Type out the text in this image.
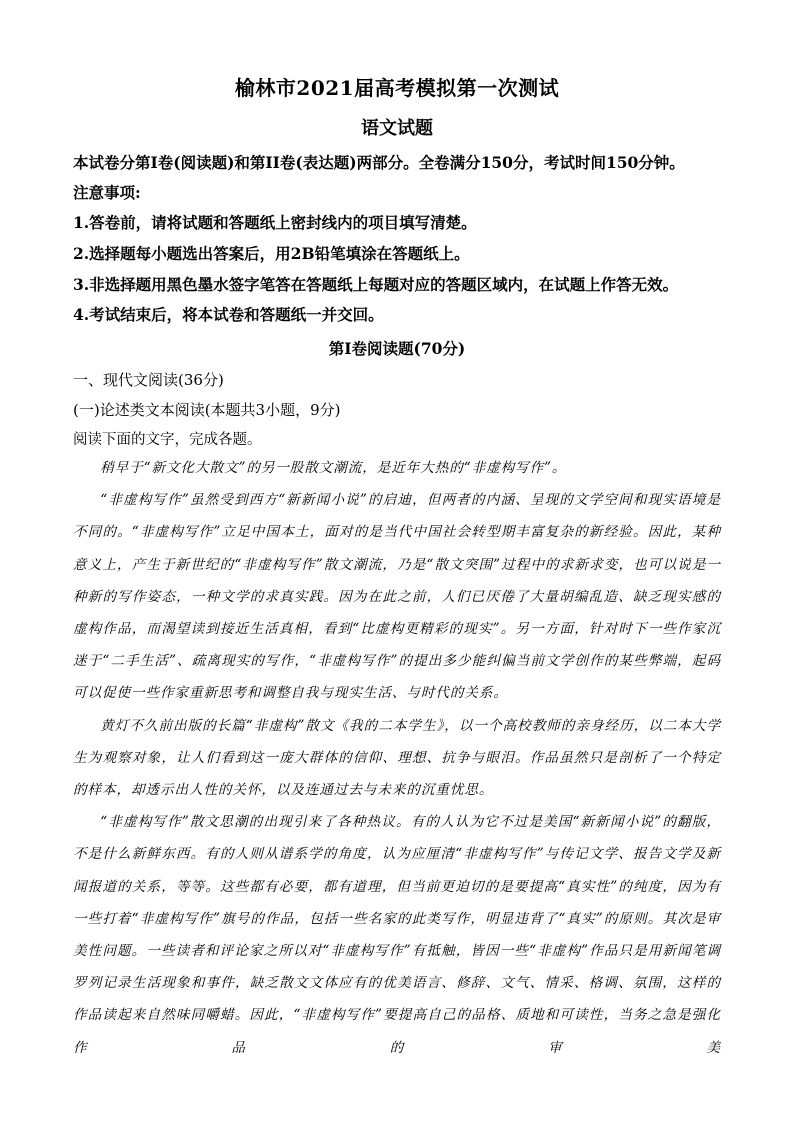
榆林市2021届高考模拟第一次测试
语文试题
本试卷分第I卷(阅读题)和第II卷(表达题)两部分。全卷满分150分，考试时间150分钟。
注意事项:
1.答卷前，请将试题和答题纸上密封线内的项目填写清楚。
2.选择题每小题选出答案后，用2B铅笔填涂在答题纸上。
3.非选择题用黑色墨水签字笔答在答题纸上每题对应的答题区域内，在试题上作答无效。
4.考试结束后，将本试卷和答题纸一并交回。
第I卷阅读题(70分)
一、现代文阅读(36分)
(一)论述类文本阅读(本题共3小题，9分)
阅读下面的文字，完成各题。

稍早于“新文化大散文”的另一股散文潮流，是近年大热的“非虚构写作”。

“非虚构写作”虽然受到西方“新新闻小说”的启迪，但两者的内涵、呈现的文学空间和现实语境是不同的。“非虚构写作”立足中国本土，面对的是当代中国社会转型期丰富复杂的新经验。因此，某种意义上，产生于新世纪的“非虚构写作”散文潮流，乃是“散文突围”过程中的求新求变，也可以说是一种新的写作姿态，一种文学的求真实践。因为在此之前，人们已厌倦了大量胡编乱造、缺乏现实感的虚构作品，而渴望读到接近生活真相，看到“比虚构更精彩的现实”。另一方面，针对时下一些作家沉迷于“二手生活”、疏离现实的写作，“非虚构写作”的提出多少能纠偏当前文学创作的某些弊端，起码可以促使一些作家重新思考和调整自我与现实生活、与时代的关系。

黄灯不久前出版的长篇“非虚构”散文《我的二本学生》，以一个高校教师的亲身经历，以二本大学生为观察对象，让人们看到这一庞大群体的信仰、理想、抗争与眼泪。作品虽然只是剖析了一个特定的样本，却透示出人性的关怀，以及连通过去与未来的沉重忧思。

“非虚构写作”散文思潮的出现引来了各种热议。有的人认为它不过是美国“新新闻小说”的翻版，不是什么新鲜东西。有的人则从谱系学的角度，认为应厘清“非虚构写作”与传记文学、报告文学及新闻报道的关系，等等。这些都有必要，都有道理，但当前更迫切的是要提高“真实性”的纯度，因为有一些打着“非虚构写作”旗号的作品，包括一些名家的此类写作，明显违背了“真实”的原则。其次是审美性问题。一些读者和评论家之所以对“非虚构写作”有抵触，皆因一些“非虚构”作品只是用新闻笔调罗列记录生活现象和事件，缺乏散文文体应有的优美语言、修辞、文气、情采、格调、氛围，这样的作品读起来自然味同嚼蜡。因此，“非虚构写作”要提高自己的品格、质地和可读性，当务之急是强化作品的审美
